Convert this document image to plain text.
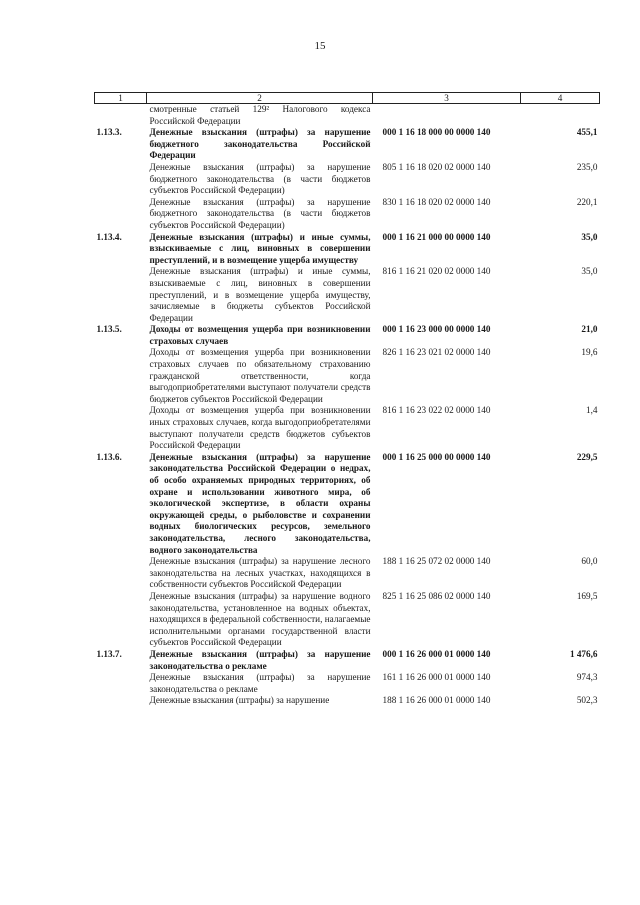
15
1	2	3	4
	смотренные статьей 129² Налогового кодекса Российской Федерации		
1.13.3.	Денежные взыскания (штрафы) за нарушение бюджетного законодательства Российской Федерации	000 1 16 18 000 00 0000 140	455,1
	Денежные взыскания (штрафы) за нарушение бюджетного законодательства (в части бюджетов субъектов Российской Федерации)	805 1 16 18 020 02 0000 140	235,0
	Денежные взыскания (штрафы) за нарушение бюджетного законодательства (в части бюджетов субъектов Российской Федерации)	830 1 16 18 020 02 0000 140	220,1
1.13.4.	Денежные взыскания (штрафы) и иные суммы, взыскиваемые с лиц, виновных в совершении преступлений, и в возмещение ущерба имуществу	000 1 16 21 000 00 0000 140	35,0
	Денежные взыскания (штрафы) и иные суммы, взыскиваемые с лиц, виновных в совершении преступлений, и в возмещение ущерба имуществу, зачисляемые в бюджеты субъектов Российской Федерации	816 1 16 21 020 02 0000 140	35,0
1.13.5.	Доходы от возмещения ущерба при возникновении страховых случаев	000 1 16 23 000 00 0000 140	21,0
	Доходы от возмещения ущерба при возникновении страховых случаев по обязательному страхованию гражданской ответственности, когда выгодоприобретателями выступают получатели средств бюджетов субъектов Российской Федерации	826 1 16 23 021 02 0000 140	19,6
	Доходы от возмещения ущерба при возникновении иных страховых случаев, когда выгодоприобретателями выступают получатели средств бюджетов субъектов Российской Федерации	816 1 16 23 022 02 0000 140	1,4
1.13.6.	Денежные взыскания (штрафы) за нарушение законодательства Российской Федерации о недрах, об особо охраняемых природных территориях, об охране и использовании животного мира, об экологической экспертизе, в области охраны окружающей среды, о рыболовстве и сохранении водных биологических ресурсов, земельного законодательства, лесного законодательства, водного законодательства	000 1 16 25 000 00 0000 140	229,5
	Денежные взыскания (штрафы) за нарушение лесного законодательства на лесных участках, находящихся в собственности субъектов Российской Федерации	188 1 16 25 072 02 0000 140	60,0
	Денежные взыскания (штрафы) за нарушение водного законодательства, установленное на водных объектах, находящихся в федеральной собственности, налагаемые исполнительными органами государственной власти субъектов Российской Федерации	825 1 16 25 086 02 0000 140	169,5
1.13.7.	Денежные взыскания (штрафы) за нарушение законодательства о рекламе	000 1 16 26 000 01 0000 140	1 476,6
	Денежные взыскания (штрафы) за нарушение законодательства о рекламе	161 1 16 26 000 01 0000 140	974,3
	Денежные взыскания (штрафы) за нарушение	188 1 16 26 000 01 0000 140	502,3
